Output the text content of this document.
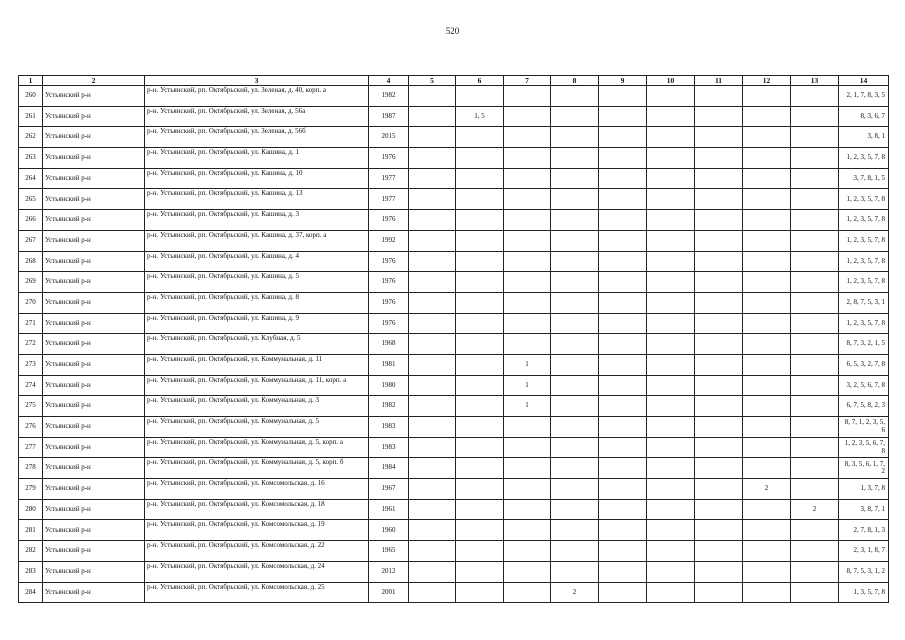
520
1	2	3	4	5	6	7	8	9	10	11	12	13	14
260	Устьянский р-н	р-н. Устьянский, рп. Октябрьский, ул. Зеленая, д. 40, корп. а	1982										2, 1, 7, 8, 3, 5
261	Устьянский р-н	р-н. Устьянский, рп. Октябрьский, ул. Зеленая, д. 56а	1987		1, 5								8, 3, 6, 7
262	Устьянский р-н	р-н. Устьянский, рп. Октябрьский, ул. Зеленая, д. 56б	2015										3, 8, 1
263	Устьянский р-н	р-н. Устьянский, рп. Октябрьский, ул. Кашина, д. 1	1976										1, 2, 3, 5, 7, 8
264	Устьянский р-н	р-н. Устьянский, рп. Октябрьский, ул. Кашина, д. 10	1977										3, 7, 8, 1, 5
265	Устьянский р-н	р-н. Устьянский, рп. Октябрьский, ул. Кашина, д. 13	1977										1, 2, 3, 5, 7, 8
266	Устьянский р-н	р-н. Устьянский, рп. Октябрьский, ул. Кашина, д. 3	1976										1, 2, 3, 5, 7, 8
267	Устьянский р-н	р-н. Устьянский, рп. Октябрьский, ул. Кашина, д. 37, корп. а	1992										1, 2, 3, 5, 7, 8
268	Устьянский р-н	р-н. Устьянский, рп. Октябрьский, ул. Кашина, д. 4	1976										1, 2, 3, 5, 7, 8
269	Устьянский р-н	р-н. Устьянский, рп. Октябрьский, ул. Кашина, д. 5	1976										1, 2, 3, 5, 7, 8
270	Устьянский р-н	р-н. Устьянский, рп. Октябрьский, ул. Кашина, д. 8	1976										2, 8, 7, 5, 3, 1
271	Устьянский р-н	р-н. Устьянский, рп. Октябрьский, ул. Кашина, д. 9	1976										1, 2, 3, 5, 7, 8
272	Устьянский р-н	р-н. Устьянский, рп. Октябрьский, ул. Клубная, д. 5	1968										8, 7, 3, 2, 1, 5
273	Устьянский р-н	р-н. Устьянский, рп. Октябрьский, ул. Коммунальная, д. 11	1981			1							6, 5, 3, 2, 7, 8
274	Устьянский р-н	р-н. Устьянский, рп. Октябрьский, ул. Коммунальная, д. 11, корп. а	1980			1							3, 2, 5, 6, 7, 8
275	Устьянский р-н	р-н. Устьянский, рп. Октябрьский, ул. Коммунальная, д. 3	1982			1							6, 7, 5, 8, 2, 3
276	Устьянский р-н	р-н. Устьянский, рп. Октябрьский, ул. Коммунальная, д. 5	1983										8, 7, 1, 2, 3, 5, 6
277	Устьянский р-н	р-н. Устьянский, рп. Октябрьский, ул. Коммунальная, д. 5, корп. а	1983										1, 2, 3, 5, 6, 7, 8
278	Устьянский р-н	р-н. Устьянский, рп. Октябрьский, ул. Коммунальная, д. 5, корп. б	1984										8, 3, 5, 6, 1, 7, 2
279	Устьянский р-н	р-н. Устьянский, рп. Октябрьский, ул. Комсомольская, д. 16	1967								2		1, 3, 7, 8
280	Устьянский р-н	р-н. Устьянский, рп. Октябрьский, ул. Комсомольская, д. 18	1961									2	3, 8, 7, 1
281	Устьянский р-н	р-н. Устьянский, рп. Октябрьский, ул. Комсомольская, д. 19	1960										2, 7, 8, 1, 3
282	Устьянский р-н	р-н. Устьянский, рп. Октябрьский, ул. Комсомольская, д. 22	1965										2, 3, 1, 8, 7
283	Устьянский р-н	р-н. Устьянский, рп. Октябрьский, ул. Комсомольская, д. 24	2012										8, 7, 5, 3, 1, 2
284	Устьянский р-н	р-н. Устьянский, рп. Октябрьский, ул. Комсомольская, д. 25	2001				2						1, 3, 5, 7, 8
